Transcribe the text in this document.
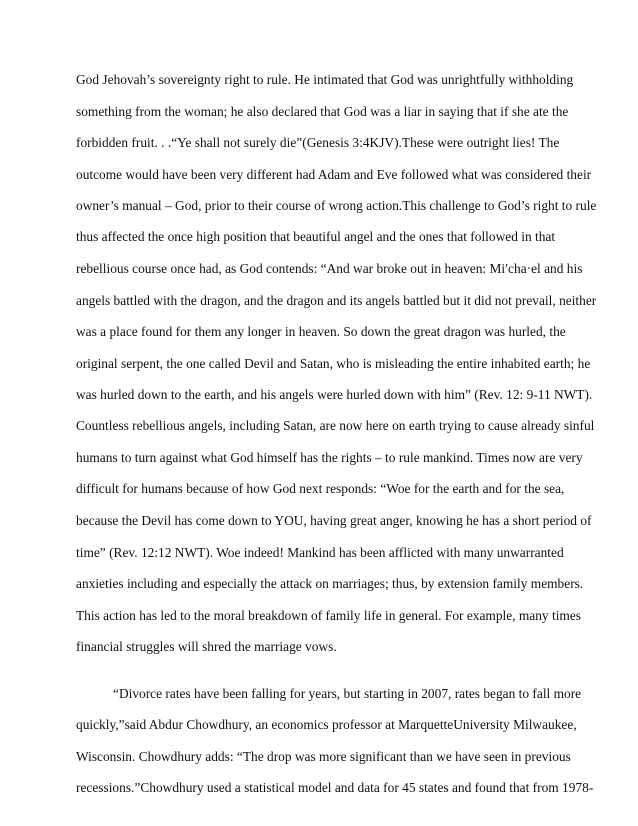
God Jehovah’s sovereignty right to rule. He intimated that God was unrightfully withholding
something from the woman; he also declared that God was a liar in saying that if she ate the
forbidden fruit. . .“Ye shall not surely die”(Genesis 3:4KJV).These were outright lies! The
outcome would have been very different had Adam and Eve followed what was considered their
owner’s manual – God, prior to their course of wrong action.This challenge to God’s right to rule
thus affected the once high position that beautiful angel and the ones that followed in that
rebellious course once had, as God contends: “And war broke out in heaven: Mi′cha·el and his
angels battled with the dragon, and the dragon and its angels battled but it did not prevail, neither
was a place found for them any longer in heaven. So down the great dragon was hurled, the
original serpent, the one called Devil and Satan, who is misleading the entire inhabited earth; he
was hurled down to the earth, and his angels were hurled down with him” (Rev. 12: 9-11 NWT).
Countless rebellious angels, including Satan, are now here on earth trying to cause already sinful
humans to turn against what God himself has the rights – to rule mankind. Times now are very
difficult for humans because of how God next responds: “Woe for the earth and for the sea,
because the Devil has come down to YOU, having great anger, knowing he has a short period of
time” (Rev. 12:12 NWT). Woe indeed! Mankind has been afflicted with many unwarranted
anxieties including and especially the attack on marriages; thus, by extension family members.
This action has led to the moral breakdown of family life in general. For example, many times
financial struggles will shred the marriage vows.
“Divorce rates have been falling for years, but starting in 2007, rates began to fall more
quickly,”said Abdur Chowdhury, an economics professor at MarquetteUniversity Milwaukee,
Wisconsin. Chowdhury adds: “The drop was more significant than we have seen in previous
recessions.”Chowdhury used a statistical model and data for 45 states and found that from 1978-
